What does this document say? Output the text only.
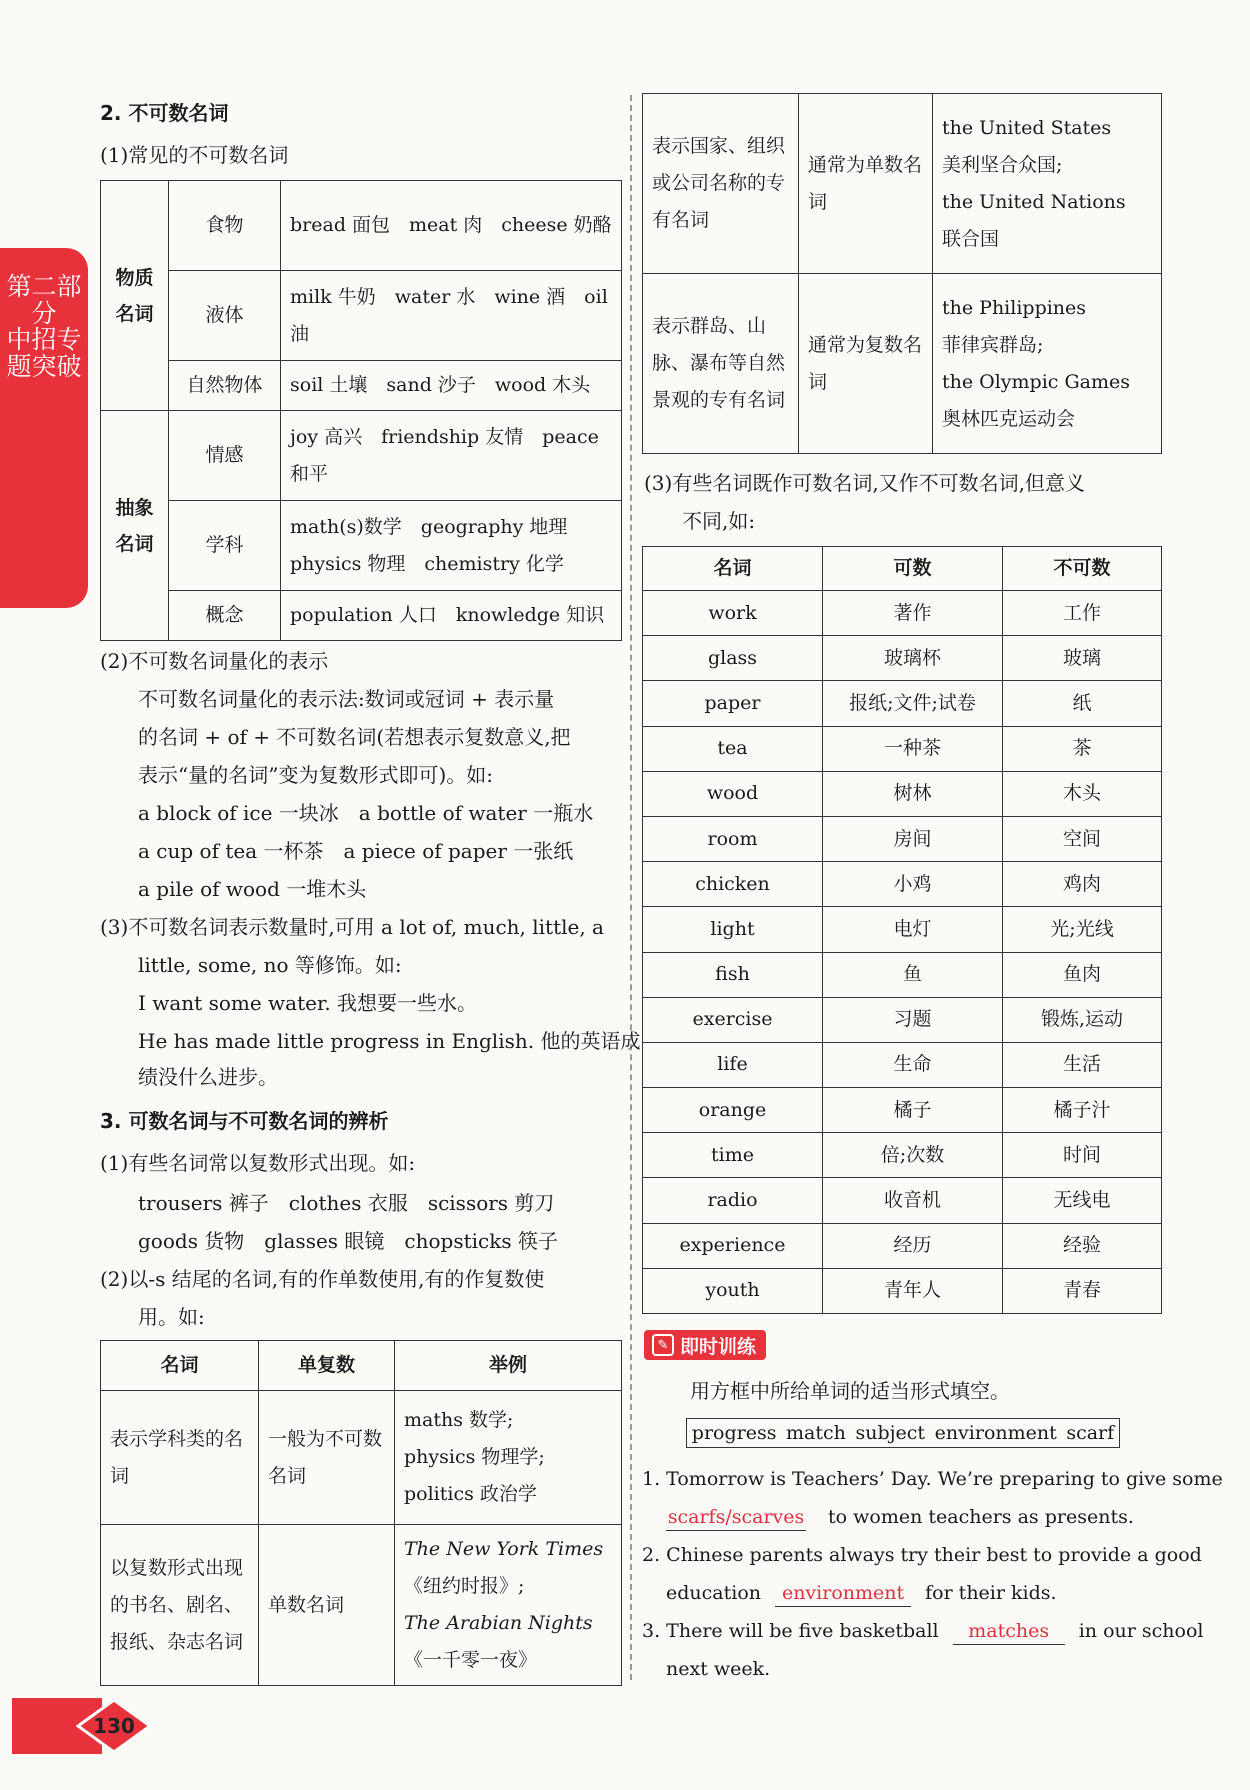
第二部分
中招专题突破
2. 不可数名词
(1)常见的不可数名词
物质
名词	食物	bread 面包　meat 肉　cheese 奶酪
	液体	milk 牛奶　water 水　wine 酒　oil 油
	自然物体	soil 土壤　sand 沙子　wood 木头
抽象
名词	情感	joy 高兴　friendship 友情　peace 和平
	学科	math(s)数学　geography 地理
physics 物理　chemistry 化学
	概念	population 人口　knowledge 知识
(2)不可数名词量化的表示
不可数名词量化的表示法:数词或冠词 + 表示量
的名词 + of + 不可数名词(若想表示复数意义,把
表示“量的名词”变为复数形式即可)。如:
a block of ice 一块冰　a bottle of water 一瓶水
a cup of tea 一杯茶　a piece of paper 一张纸
a pile of wood 一堆木头
(3)不可数名词表示数量时,可用 a lot of, much, little, a
little, some, no 等修饰。如:
I want some water. 我想要一些水。
He has made little progress in English. 他的英语成
绩没什么进步。
3. 可数名词与不可数名词的辨析
(1)有些名词常以复数形式出现。如:
trousers 裤子　clothes 衣服　scissors 剪刀
goods 货物　glasses 眼镜　chopsticks 筷子
(2)以-s 结尾的名词,有的作单数使用,有的作复数使
用。如:
名词	单复数	举例
表示学科类的名词	一般为不可数名词	maths 数学;
physics 物理学;
politics 政治学
以复数形式出现的书名、剧名、报纸、杂志名词	单数名词	The New York Times
《纽约时报》;
The Arabian Nights
《一千零一夜》
表示国家、组织或公司名称的专有名词	通常为单数名词	the United States
美利坚合众国;
the United Nations
联合国
表示群岛、山脉、瀑布等自然景观的专有名词	通常为复数名词	the Philippines
菲律宾群岛;
the Olympic Games
奥林匹克运动会
(3)有些名词既作可数名词,又作不可数名词,但意义
不同,如:
名词	可数	不可数
work	著作	工作
glass	玻璃杯	玻璃
paper	报纸;文件;试卷	纸
tea	一种茶	茶
wood	树林	木头
room	房间	空间
chicken	小鸡	鸡肉
light	电灯	光;光线
fish	鱼	鱼肉
exercise	习题	锻炼,运动
life	生命	生活
orange	橘子	橘子汁
time	倍;次数	时间
radio	收音机	无线电
experience	经历	经验
youth	青年人	青春
✎ 即时训练
用方框中所给单词的适当形式填空。
progress match subject environment scarf
1. Tomorrow is Teachers’ Day. We’re preparing to give some
scarfs/scarves to women teachers as presents.
2. Chinese parents always try their best to provide a good
education environment for their kids.
3. There will be five basketball matches in our school
next week.
130
